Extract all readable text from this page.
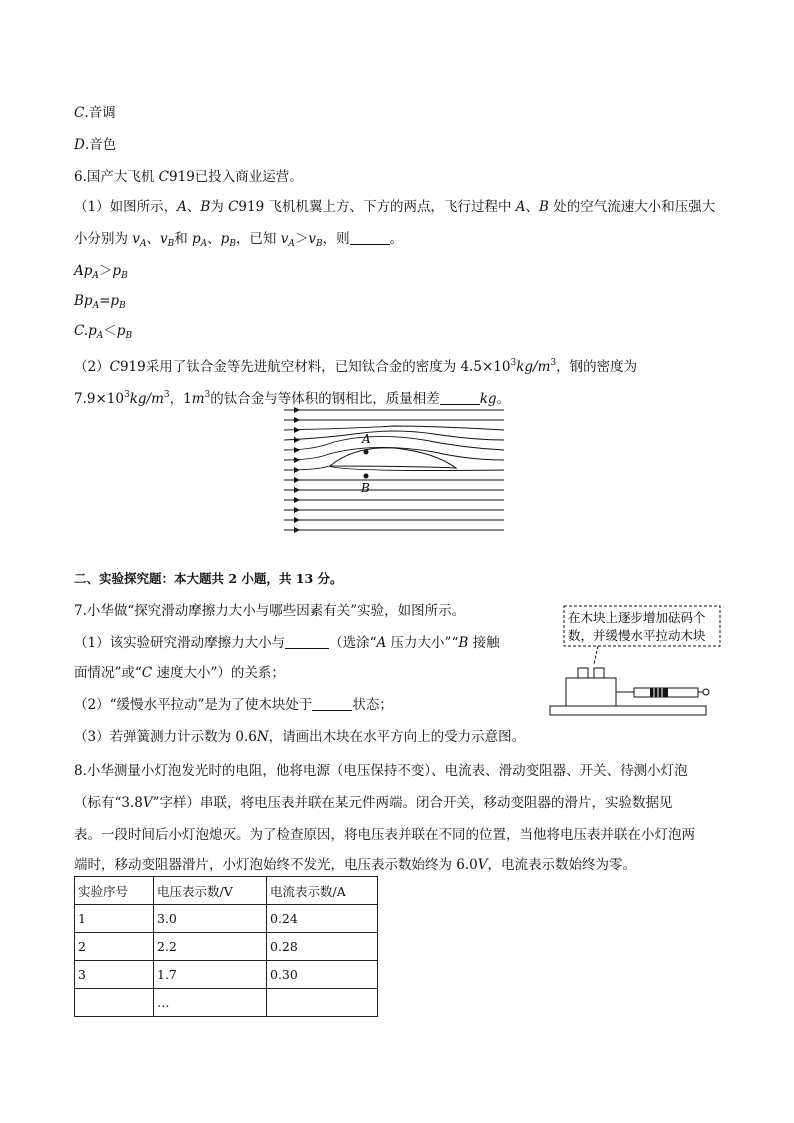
C.音调
D.音色
6.国产大飞机 C919已投入商业运营。
（1）如图所示，A、B为 C919 飞机机翼上方、下方的两点，飞行过程中 A、B 处的空气流速大小和压强大
小分别为 $v_A$、$v_B$和 $p_A$、$p_B$，已知 $v_A>v_B$，则	。
$Ap_A>p_B$
$Bp_A=p_B$
$C.p_A<p_B$
（2）C919采用了钛合金等先进航空材料，已知钛合金的密度为 $4.5\times 10^3kg/m^3$，钢的密度为
$7.9\times 10^3kg/m^3$，$1m^3$的钛合金与等体积的钢相比，质量相差	kg。
A
B
二、实验探究题：本大题共 2 小题，共 13 分。
7.小华做“探究滑动摩擦力大小与哪些因素有关”实验，如图所示。
（1）该实验研究滑动摩擦力大小与	（选涂“A 压力大小”“B 接触
面情况”或“C 速度大小”）的关系；
（2）“缓慢水平拉动”是为了使木块处于	状态；
（3）若弹簧测力计示数为 0.6N，请画出木块在水平方向上的受力示意图。
在木块上逐步增加砝码个
数，并缓慢水平拉动木块
8.小华测量小灯泡发光时的电阻，他将电源（电压保持不变）、电流表、滑动变阻器、开关、待测小灯泡
（标有“3.8V”字样）串联，将电压表并联在某元件两端。闭合开关，移动变阻器的滑片，实验数据见
表。一段时间后小灯泡熄灭。为了检查原因，将电压表并联在不同的位置，当他将电压表并联在小灯泡两
端时，移动变阻器滑片，小灯泡始终不发光，电压表示数始终为 6.0V，电流表示数始终为零。
实验序号	电压表示数/V	电流表示数/A
1	3.0	0.24
2	2.2	0.28
3	1.7	0.30
	…	
